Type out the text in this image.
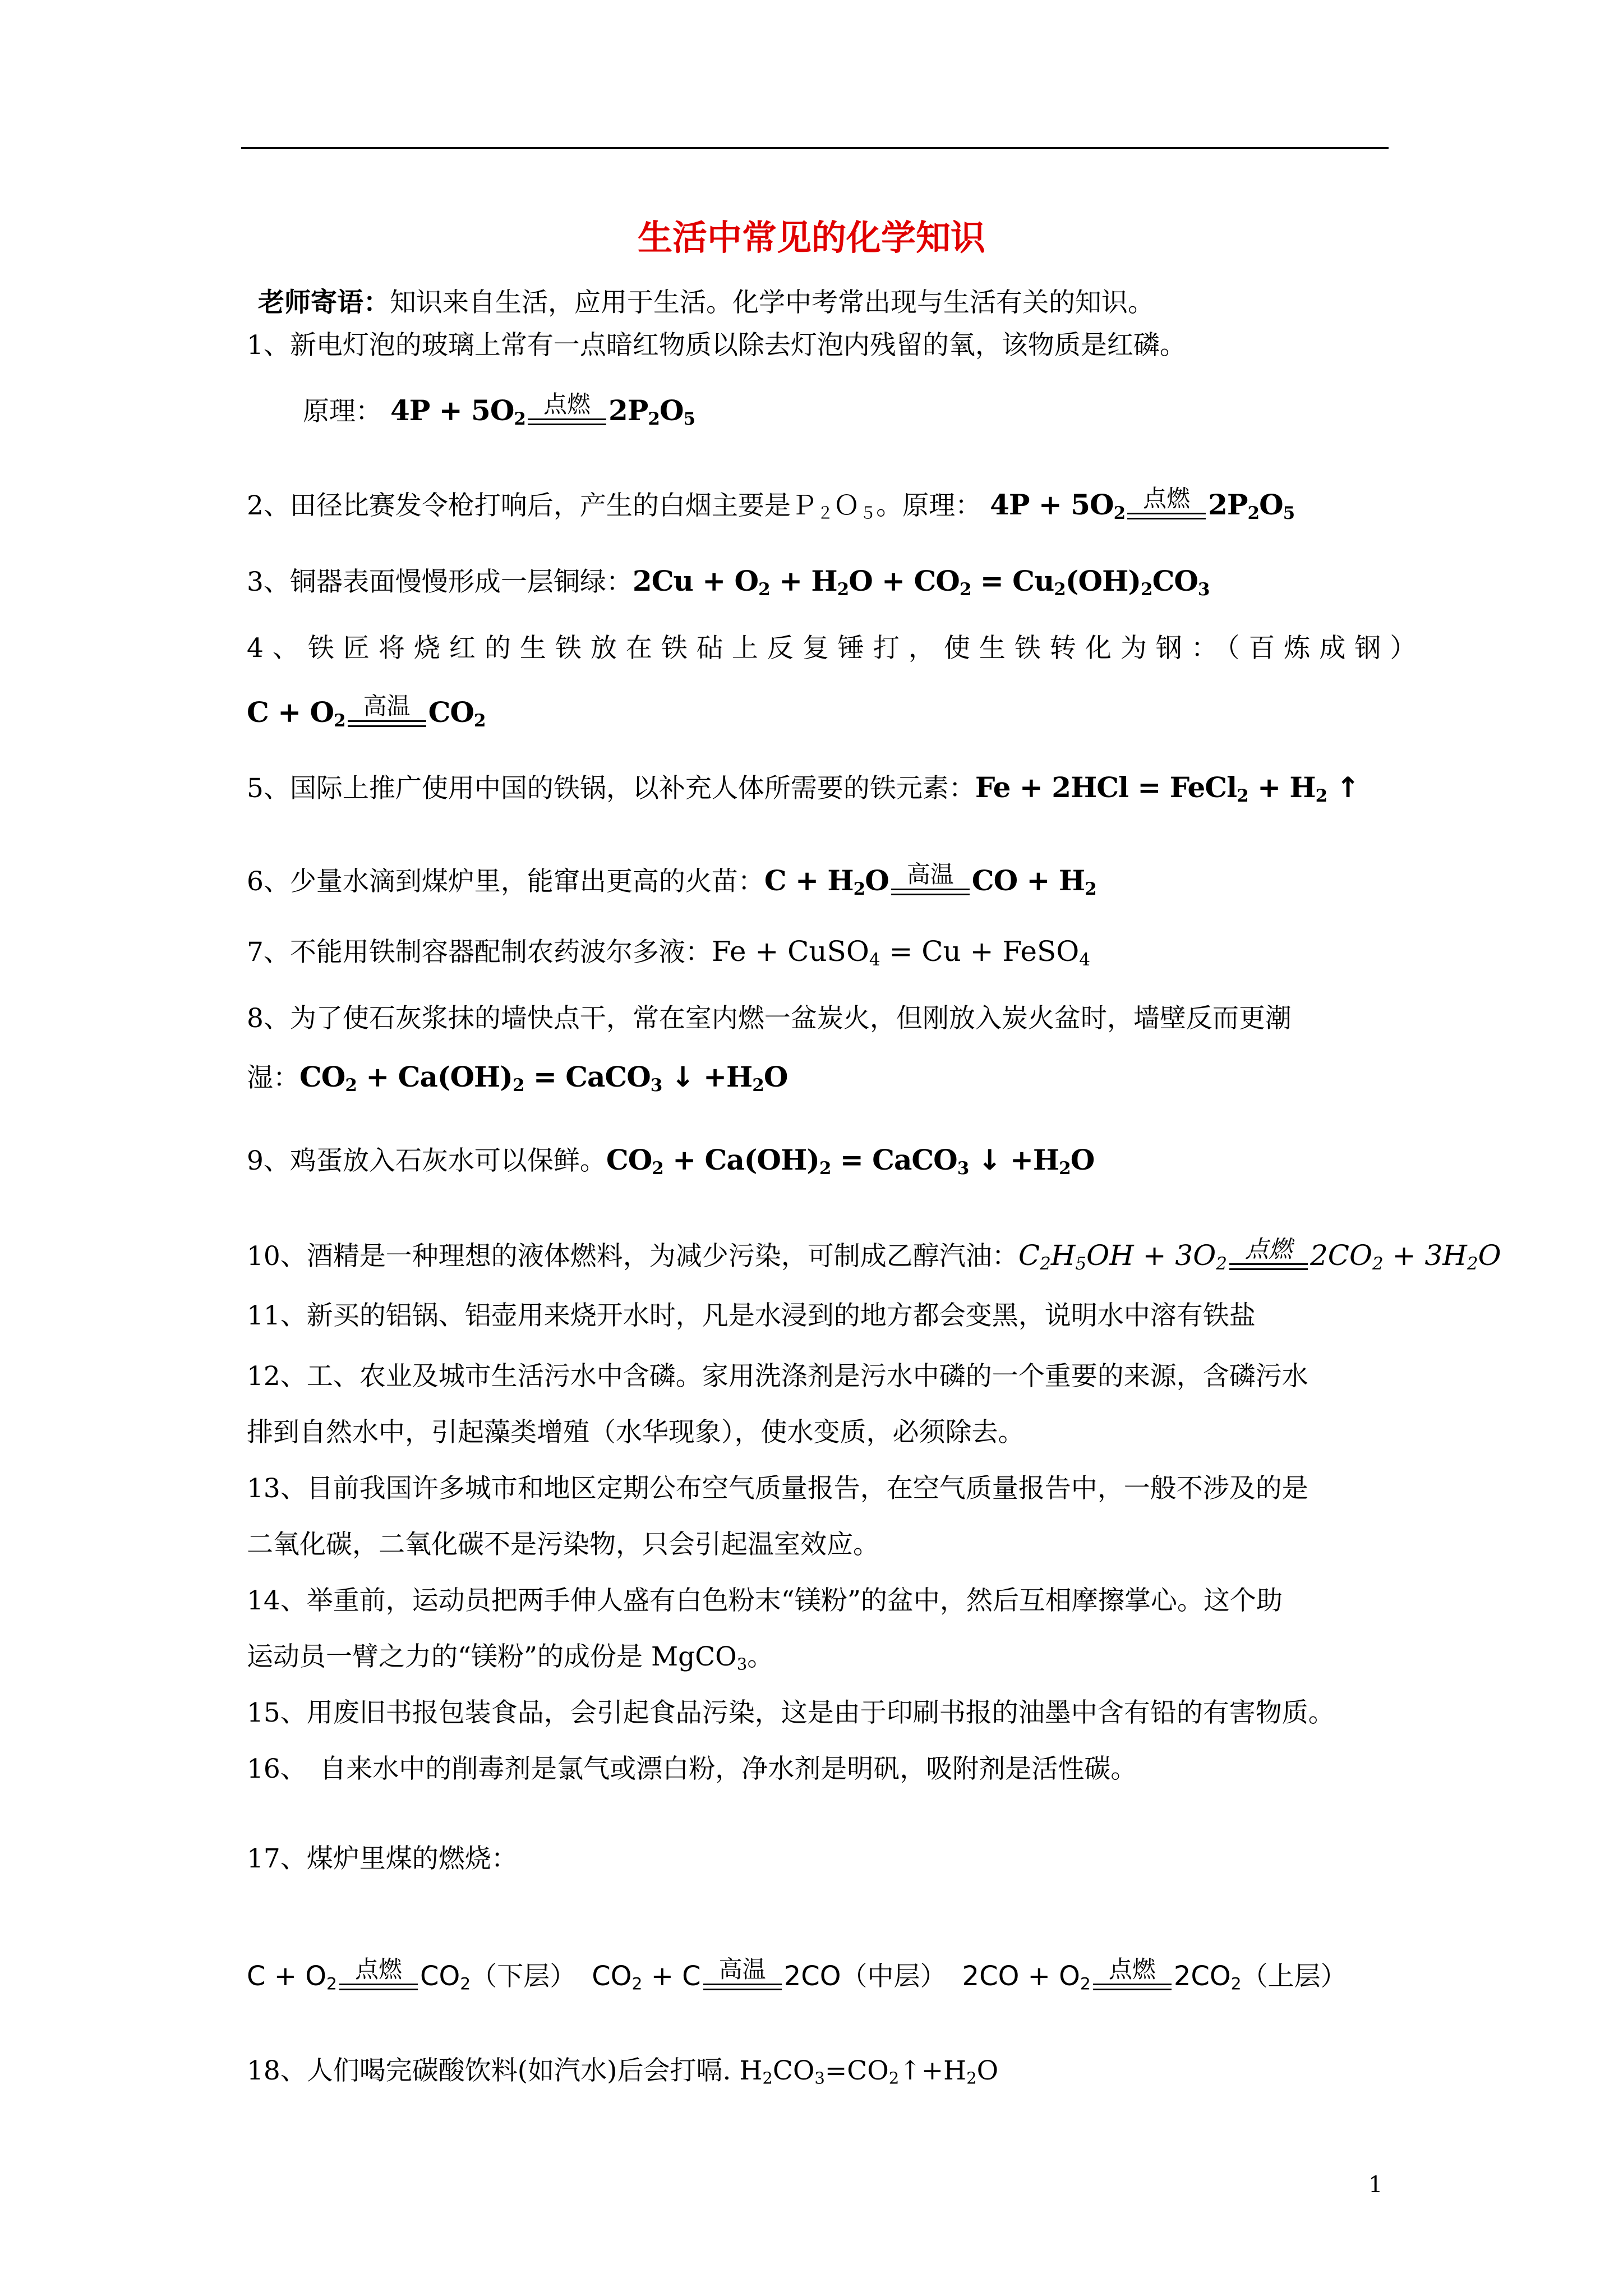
生活中常见的化学知识
老师寄语：知识来自生活，应用于生活。化学中考常出现与生活有关的知识。
1、新电灯泡的玻璃上常有一点暗红物质以除去灯泡内残留的氧，该物质是红磷。
原理： $4P + 5O_2$
点燃 $2P_2O_5$
2、田径比赛发令枪打响后，产生的白烟主要是Ｐ$_2$Ｏ$_5$。原理： $4P + 5O_2$
点燃 $2P_2O_5$
3、铜器表面慢慢形成一层铜绿：$2Cu + O_2 + H_2O + CO_2 = Cu_2(OH)_2CO_3$
4、铁匠将烧红的生铁放在铁砧上反复锤打，使生铁转化为钢：（百炼成钢）
$C + O_2$
高温 $CO_2$
5、国际上推广使用中国的铁锅，以补充人体所需要的铁元素：Fe + 2HCl = FeCl$_2$ + $H_2$ ↑
6、少量水滴到煤炉里，能窜出更高的火苗：$C + H_2O$ 高温 CO + $H_2$
7、不能用铁制容器配制农药波尔多液：Fe + CuSO$_4$ = Cu + FeSO$_4$
8、为了使石灰浆抹的墙快点干，常在室内燃一盆炭火，但刚放入炭火盆时，墙壁反而更潮
湿：$CO_2 + Ca(OH)_2$ = CaCO$_3$ ↓ $+H_2O$
9、鸡蛋放入石灰水可以保鲜。$CO_2 + Ca(OH)_2$ = CaCO$_3$ ↓ $+H_2O$
10、酒精是一种理想的液体燃料，为减少污染，可制成乙醇汽油：$C_2H_5OH + 3O_2$
点燃 $2CO_2 + 3H_2O$
11、新买的铝锅、铝壶用来烧开水时，凡是水浸到的地方都会变黑，说明水中溶有铁盐
12、工、农业及城市生活污水中含磷。家用洗涤剂是污水中磷的一个重要的来源，含磷污水
排到自然水中，引起藻类增殖（水华现象），使水变质，必须除去。
13、目前我国许多城市和地区定期公布空气质量报告，在空气质量报告中，一般不涉及的是
二氧化碳，二氧化碳不是污染物，只会引起温室效应。
14、举重前，运动员把两手伸人盛有白色粉末“镁粉”的盆中，然后互相摩擦掌心。这个助
运动员一臂之力的“镁粉”的成份是 MgCO$_3$。
15、用废旧书报包装食品，会引起食品污染，这是由于印刷书报的油墨中含有铅的有害物质。
16、　自来水中的削毒剂是氯气或漂白粉，净水剂是明矾，吸附剂是活性碳。
17、煤炉里煤的燃烧：
$C + O_2$
点燃 $CO_2$（下层） $CO_2 + C$ 高温 2CO（中层） $2CO + O_2$
点燃 $2CO_2$（上层）
18、人们喝完碳酸饮料(如汽水)后会打嗝. $H_2CO_3=CO_2↑+H_2O$
1
